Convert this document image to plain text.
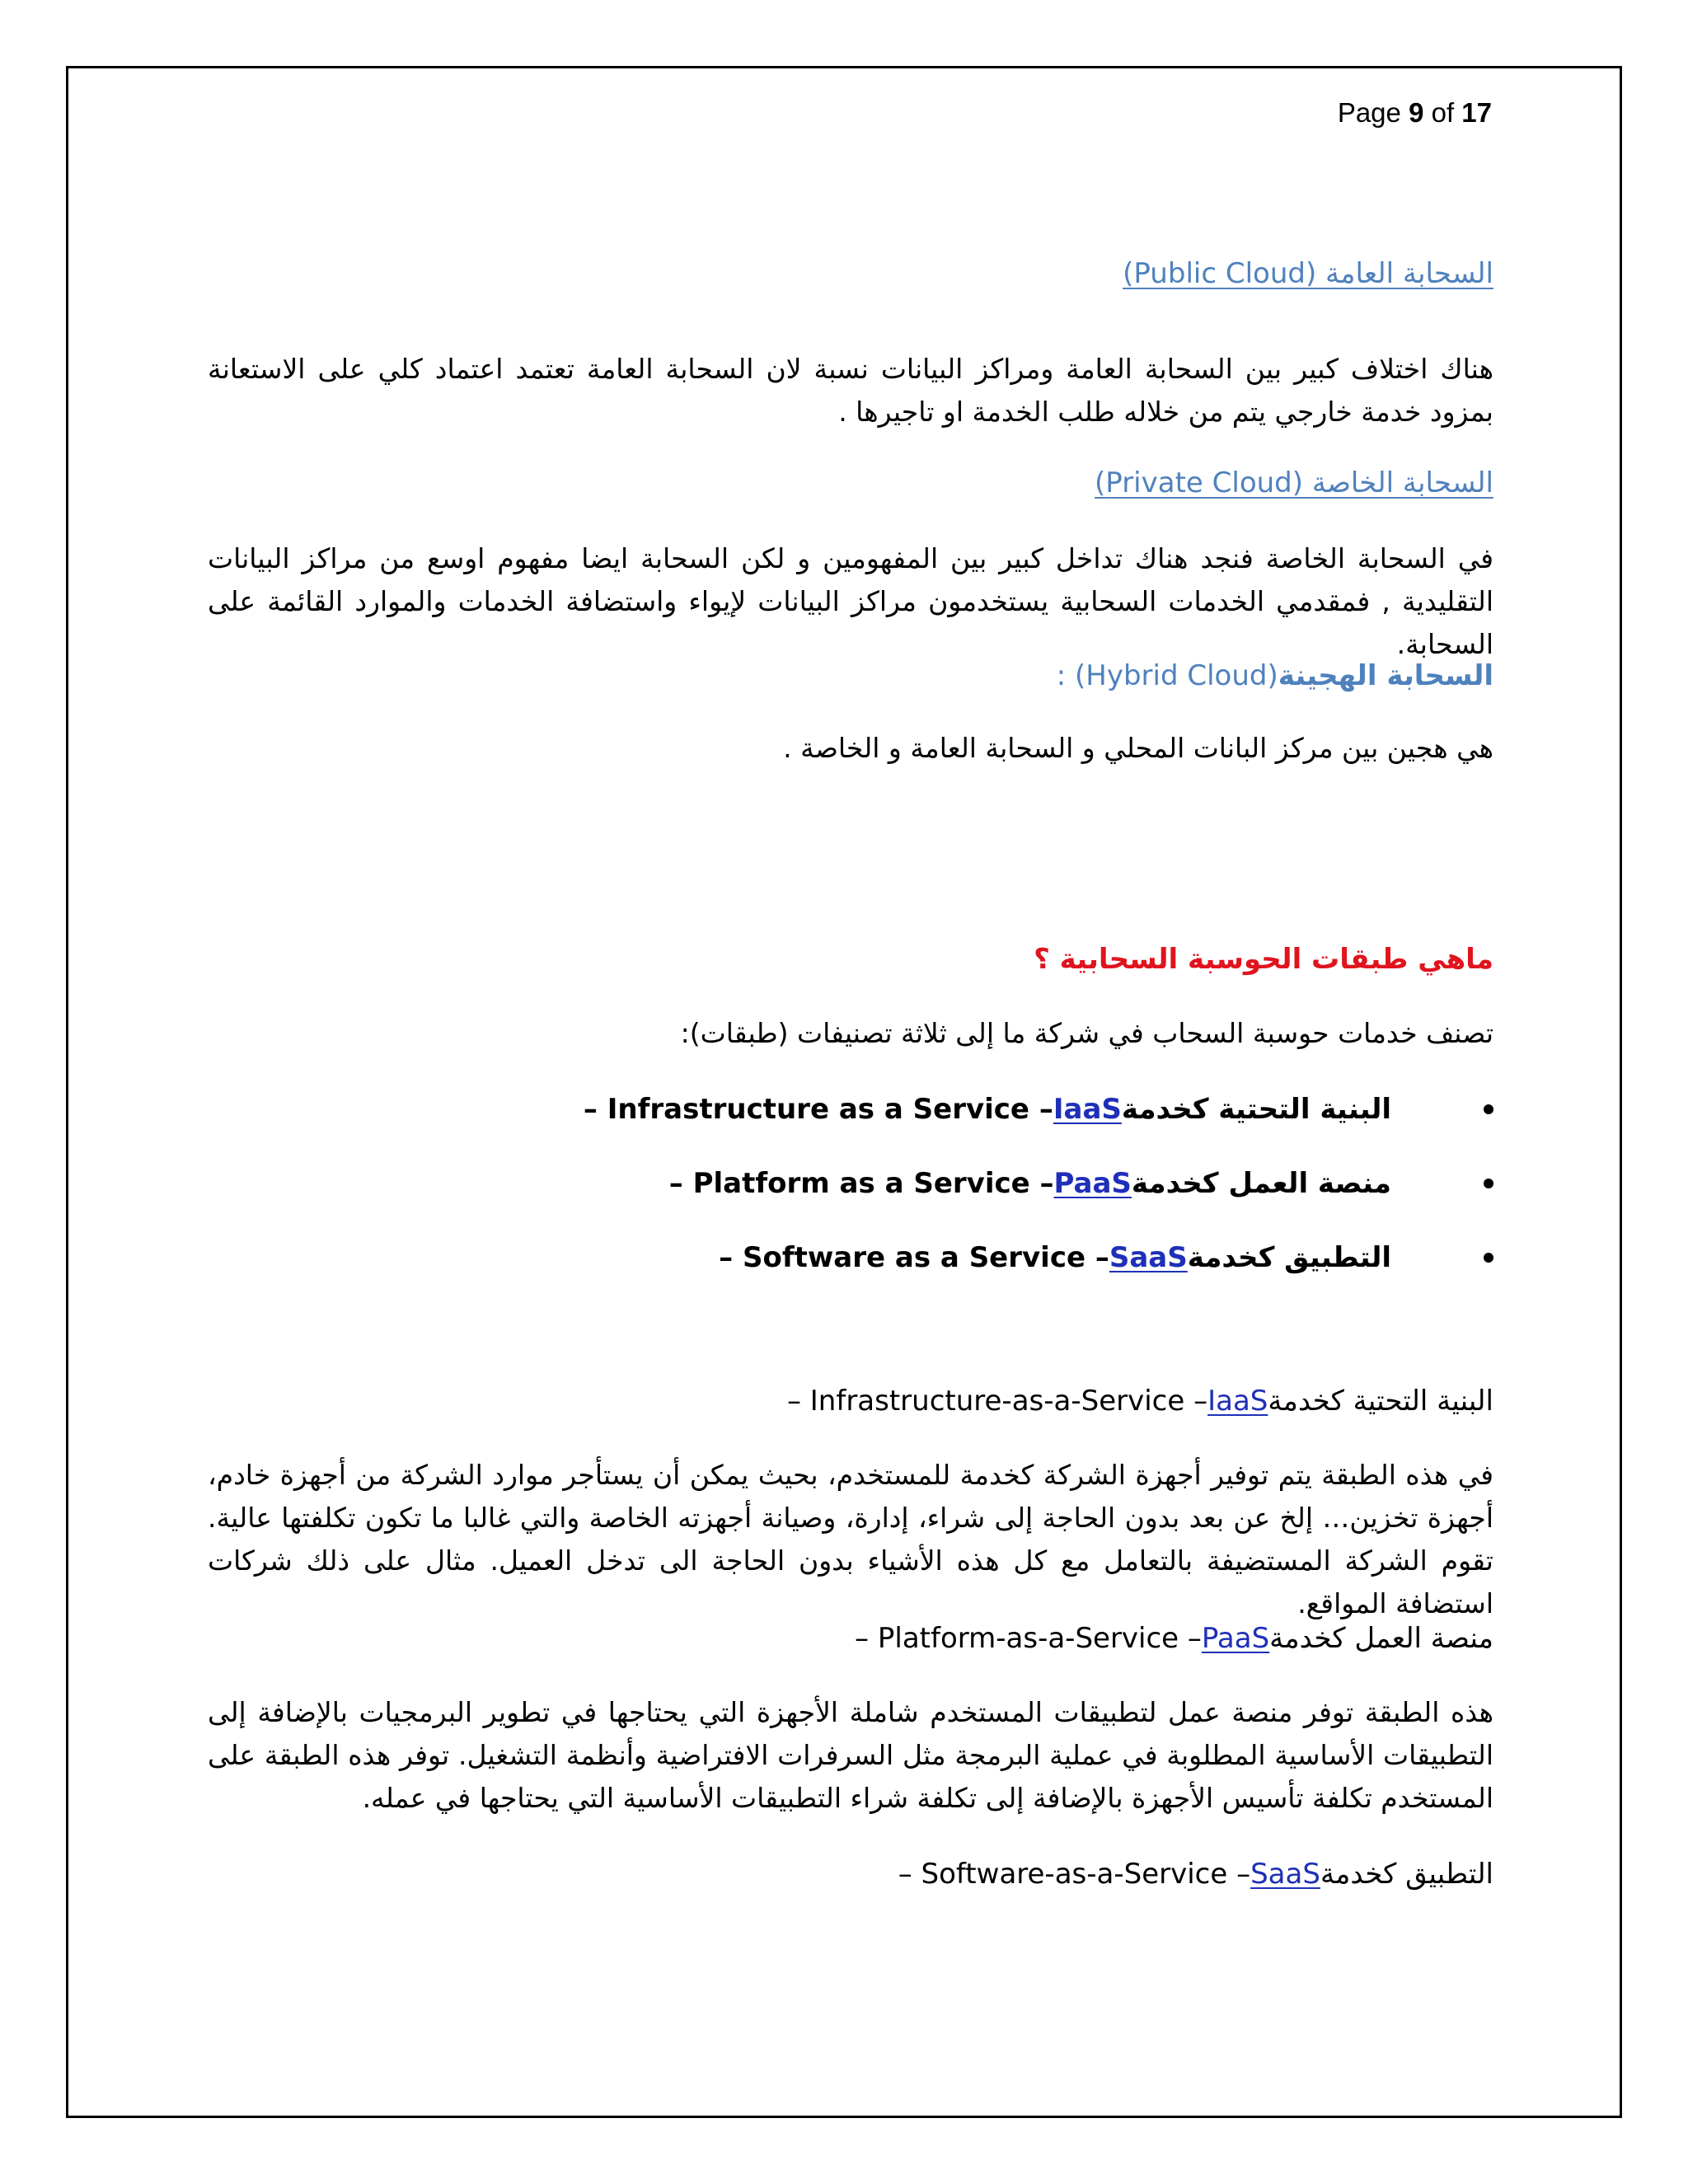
Page 9 of 17
السحابة العامة (Public Cloud)
هناك اختلاف كبير بين السحابة العامة ومراكز البيانات نسبة لان السحابة العامة تعتمد اعتماد كلي على الاستعانة بمزود خدمة خارجي يتم من خلاله طلب الخدمة او تاجيرها .
السحابة الخاصة (Private Cloud)
في السحابة الخاصة فنجد هناك تداخل كبير بين المفهومين و لكن السحابة ايضا مفهوم اوسع من مراكز البيانات التقليدية , فمقدمي الخدمات السحابية يستخدمون مراكز البيانات لإيواء واستضافة الخدمات والموارد القائمة على السحابة.
السحابة الهجينة(Hybrid Cloud) :
هي هجين بين مركز البانات المحلي و السحابة العامة و الخاصة .
ماهي طبقات الحوسبة السحابية ؟
تصنف خدمات حوسبة السحاب في شركة ما إلى ثلاثة تصنيفات (طبقات):
البنية التحتية كخدمةIaaS – Infrastructure as a Service –
منصة العمل كخدمةPaaS – Platform as a Service –
التطبيق كخدمةSaaS – Software as a Service –
البنية التحتية كخدمةIaaS – Infrastructure-as-a-Service –
في هذه الطبقة يتم توفير أجهزة الشركة كخدمة للمستخدم، بحيث يمكن أن يستأجر موارد الشركة من أجهزة خادم، أجهزة تخزين… إلخ عن بعد بدون الحاجة إلى شراء، إدارة، وصيانة أجهزته الخاصة والتي غالبا ما تكون تكلفتها عالية. تقوم الشركة المستضيفة بالتعامل مع كل هذه الأشياء بدون الحاجة الى تدخل العميل. مثال على ذلك شركات استضافة المواقع.
منصة العمل كخدمةPaaS – Platform-as-a-Service –
هذه الطبقة توفر منصة عمل لتطبيقات المستخدم شاملة الأجهزة التي يحتاجها في تطوير البرمجيات بالإضافة إلى التطبيقات الأساسية المطلوبة في عملية البرمجة مثل السرفرات الافتراضية وأنظمة التشغيل. توفر هذه الطبقة على المستخدم تكلفة تأسيس الأجهزة بالإضافة إلى تكلفة شراء التطبيقات الأساسية التي يحتاجها في عمله.
التطبيق كخدمةSaaS – Software-as-a-Service –
